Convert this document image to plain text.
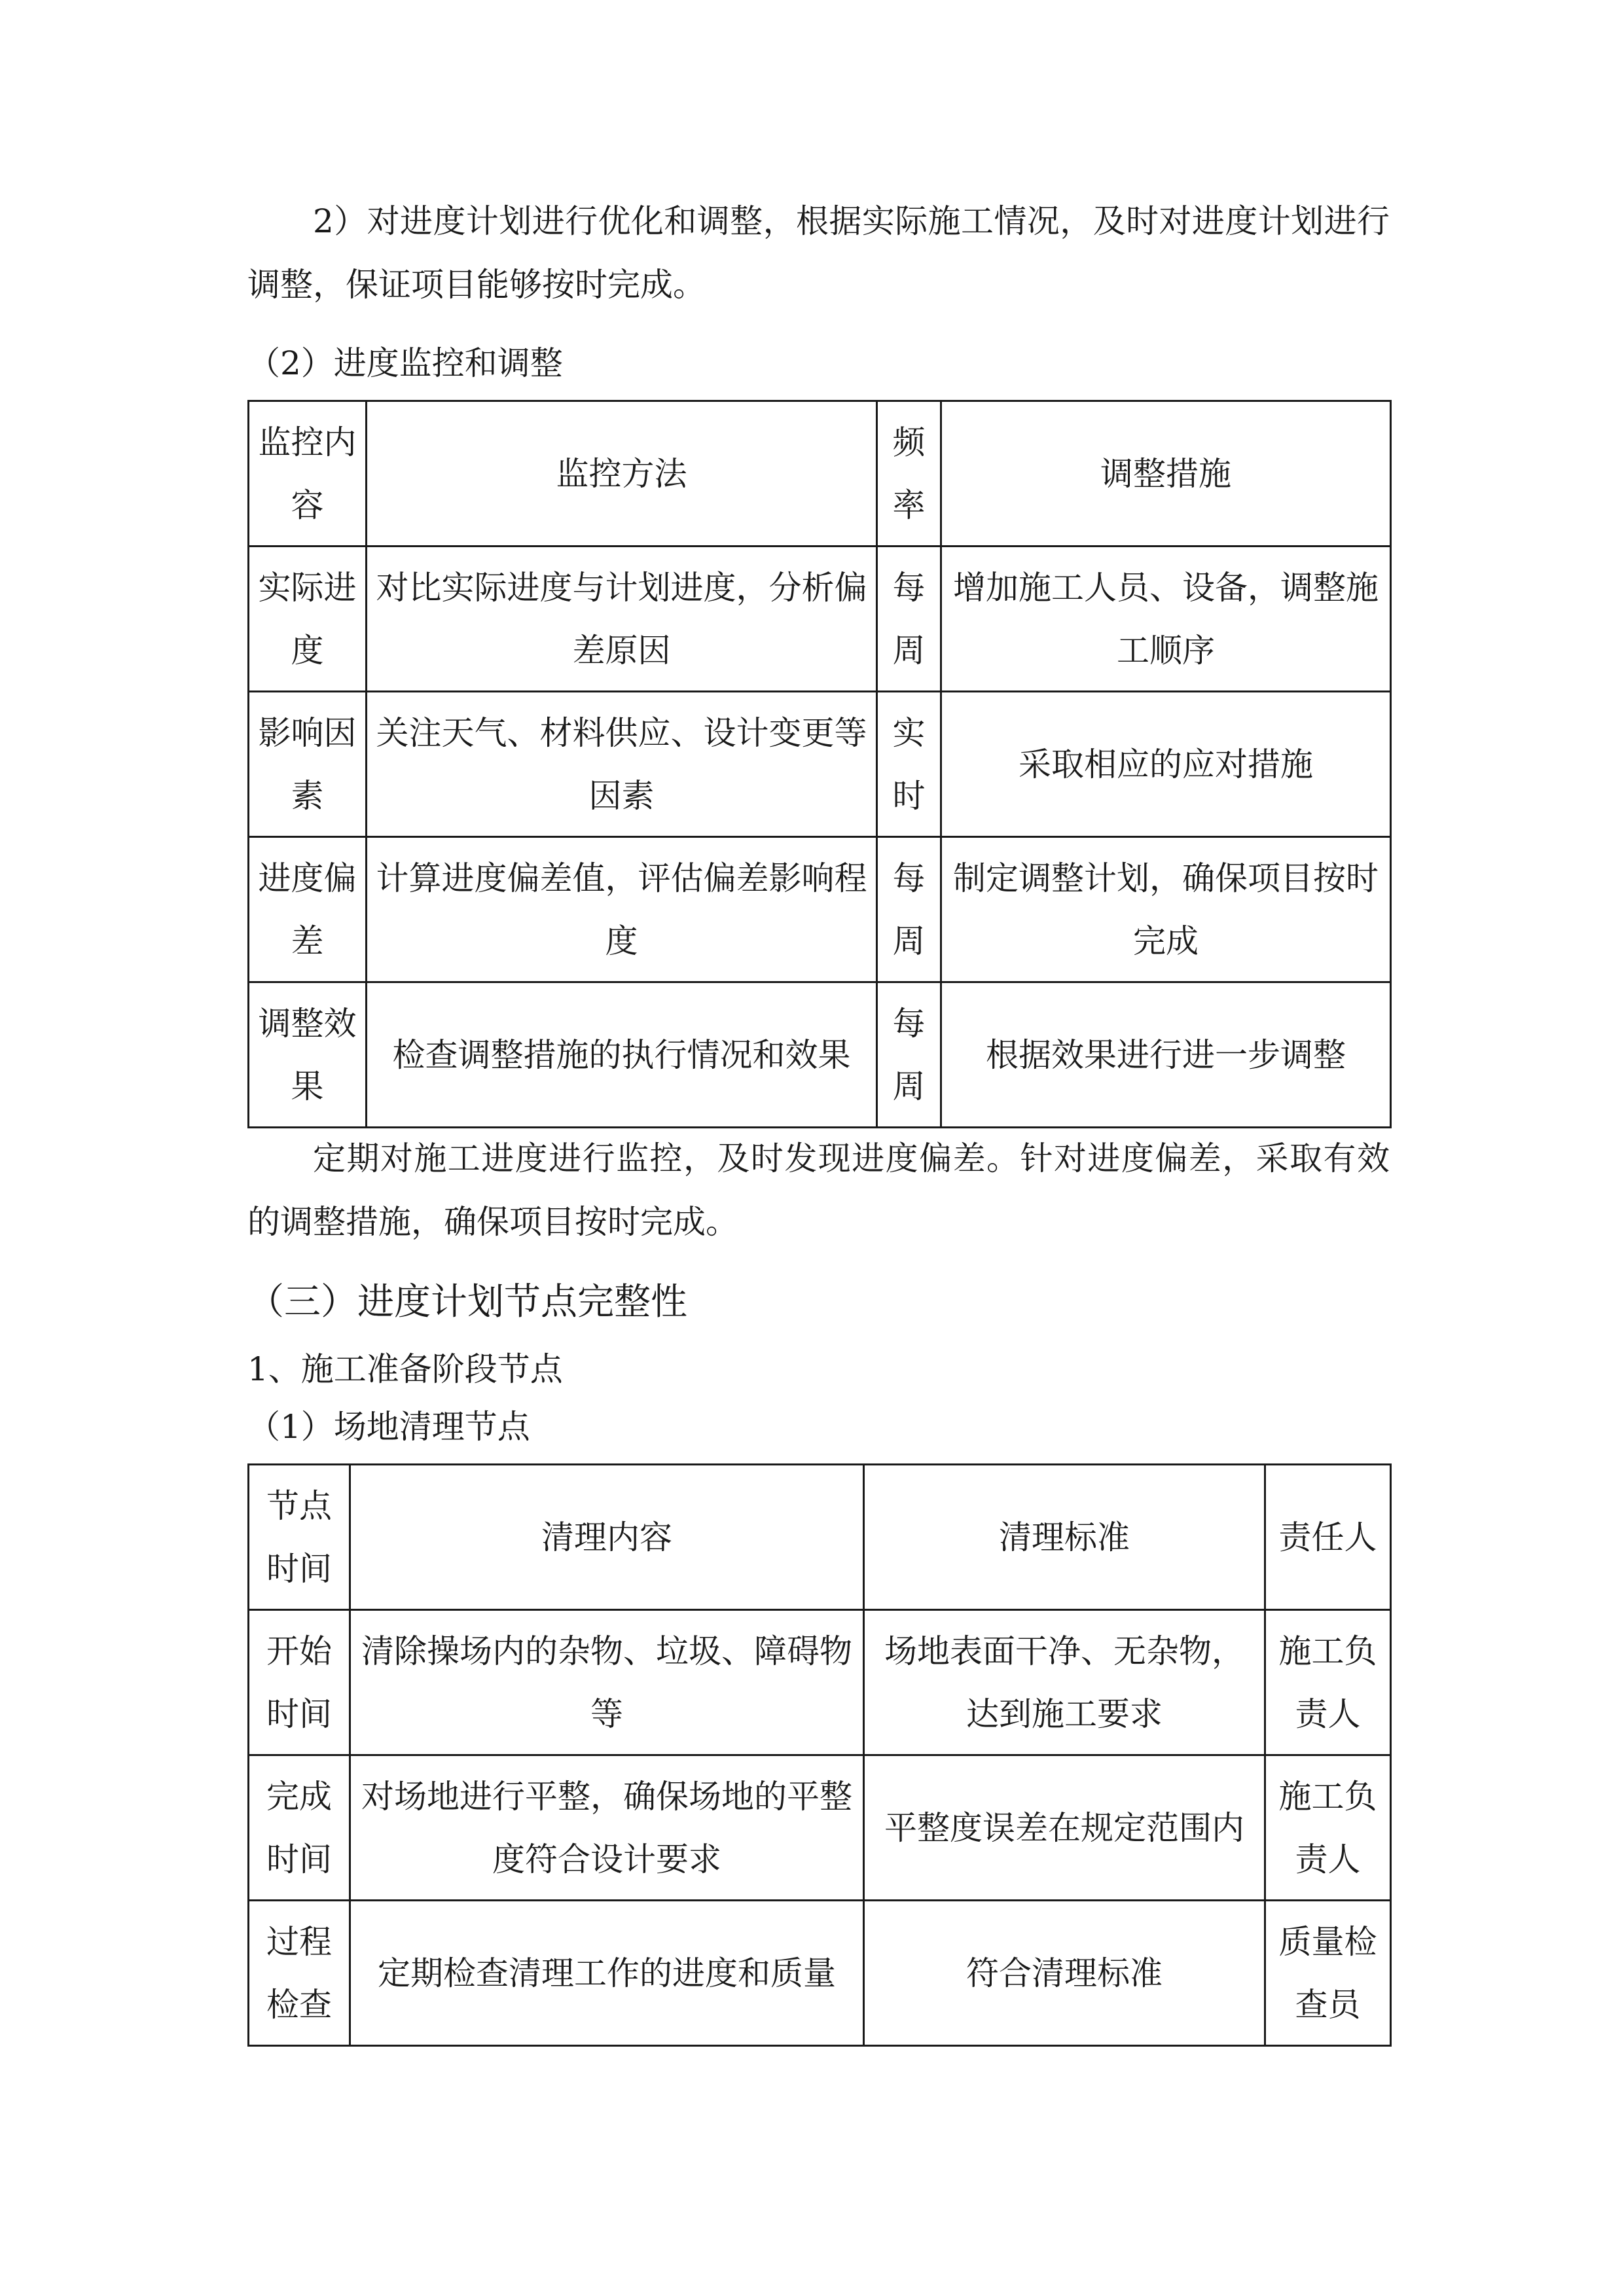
2）对进度计划进行优化和调整，根据实际施工情况，及时对进度计划进行调整，保证项目能够按时完成。

（2）进度监控和调整

监控内容	监控方法	频率	调整措施
实际进度	对比实际进度与计划进度，分析偏差原因	每周	增加施工人员、设备，调整施工顺序
影响因素	关注天气、材料供应、设计变更等因素	实时	采取相应的应对措施
进度偏差	计算进度偏差值，评估偏差影响程度	每周	制定调整计划，确保项目按时完成
调整效果	检查调整措施的执行情况和效果	每周	根据效果进行进一步调整

定期对施工进度进行监控，及时发现进度偏差。针对进度偏差，采取有效的调整措施，确保项目按时完成。

（三）进度计划节点完整性

1、施工准备阶段节点

（1）场地清理节点

节点时间	清理内容	清理标准	责任人
开始时间	清除操场内的杂物、垃圾、障碍物等	场地表面干净、无杂物，达到施工要求	施工负责人
完成时间	对场地进行平整，确保场地的平整度符合设计要求	平整度误差在规定范围内	施工负责人
过程检查	定期检查清理工作的进度和质量	符合清理标准	质量检查员
